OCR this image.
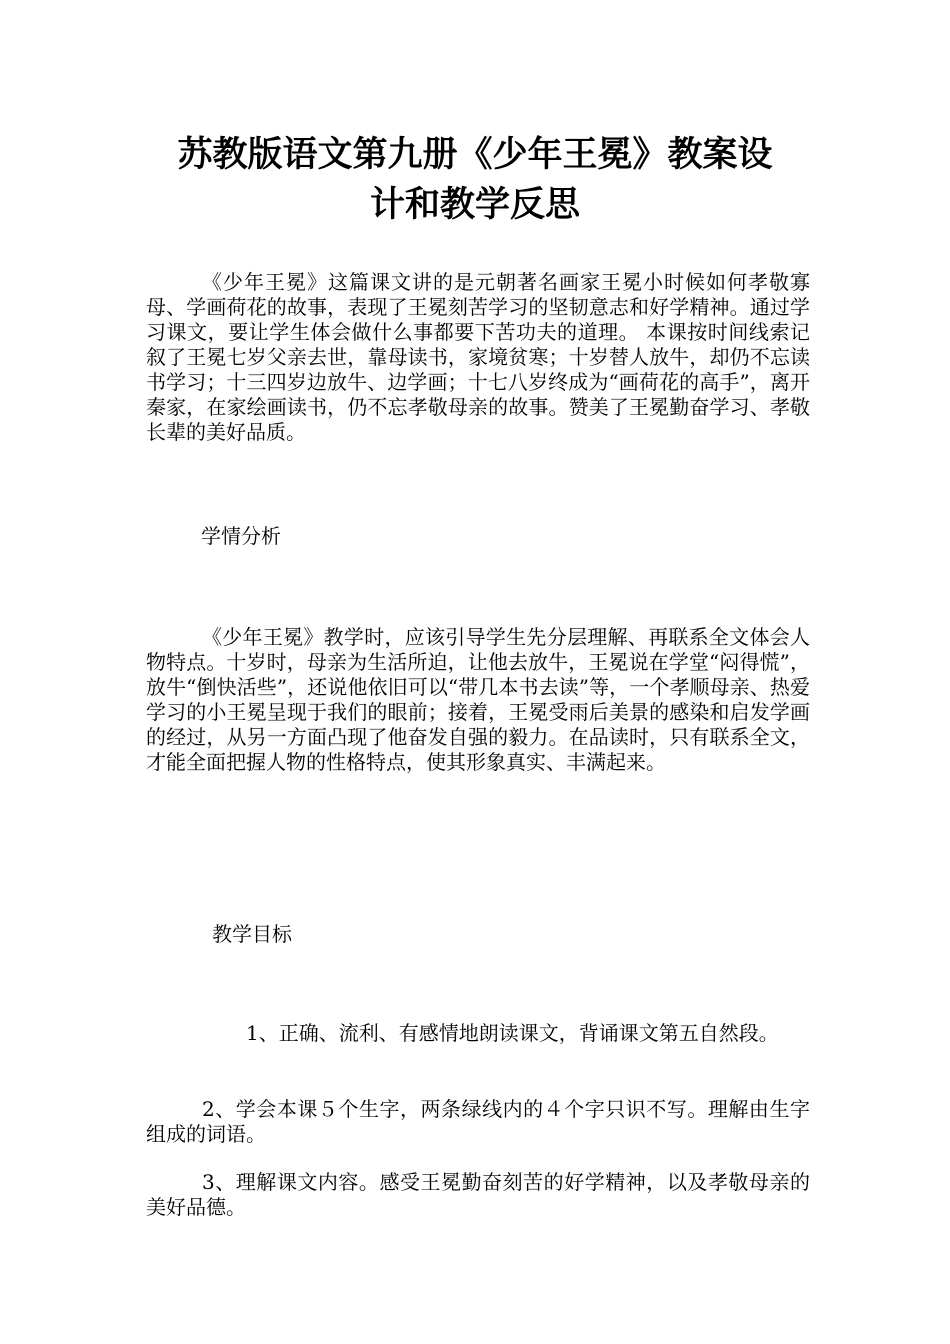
苏教版语文第九册《少年王冕》教案设
计和教学反思

《少年王冕》这篇课文讲的是元朝著名画家王冕小时候如何孝敬寡母、学画荷花的故事，表现了王冕刻苦学习的坚韧意志和好学精神。通过学习课文，要让学生体会做什么事都要下苦功夫的道理。 本课按时间线索记叙了王冕七岁父亲去世，靠母读书，家境贫寒；十岁替人放牛，却仍不忘读书学习；十三四岁边放牛、边学画；十七八岁终成为“画荷花的高手”，离开秦家，在家绘画读书，仍不忘孝敬母亲的故事。赞美了王冕勤奋学习、孝敬长辈的美好品质。

学情分析

《少年王冕》教学时，应该引导学生先分层理解、再联系全文体会人物特点。十岁时，母亲为生活所迫，让他去放牛，王冕说在学堂“闷得慌”，放牛“倒快活些”，还说他依旧可以“带几本书去读”等，一个孝顺母亲、热爱学习的小王冕呈现于我们的眼前；接着，王冕受雨后美景的感染和启发学画的经过，从另一方面凸现了他奋发自强的毅力。在品读时，只有联系全文，才能全面把握人物的性格特点，使其形象真实、丰满起来。

教学目标

1、正确、流利、有感情地朗读课文，背诵课文第五自然段。

2、学会本课５个生字，两条绿线内的４个字只识不写。理解由生字组成的词语。

3、理解课文内容。感受王冕勤奋刻苦的好学精神，以及孝敬母亲的美好品德。
